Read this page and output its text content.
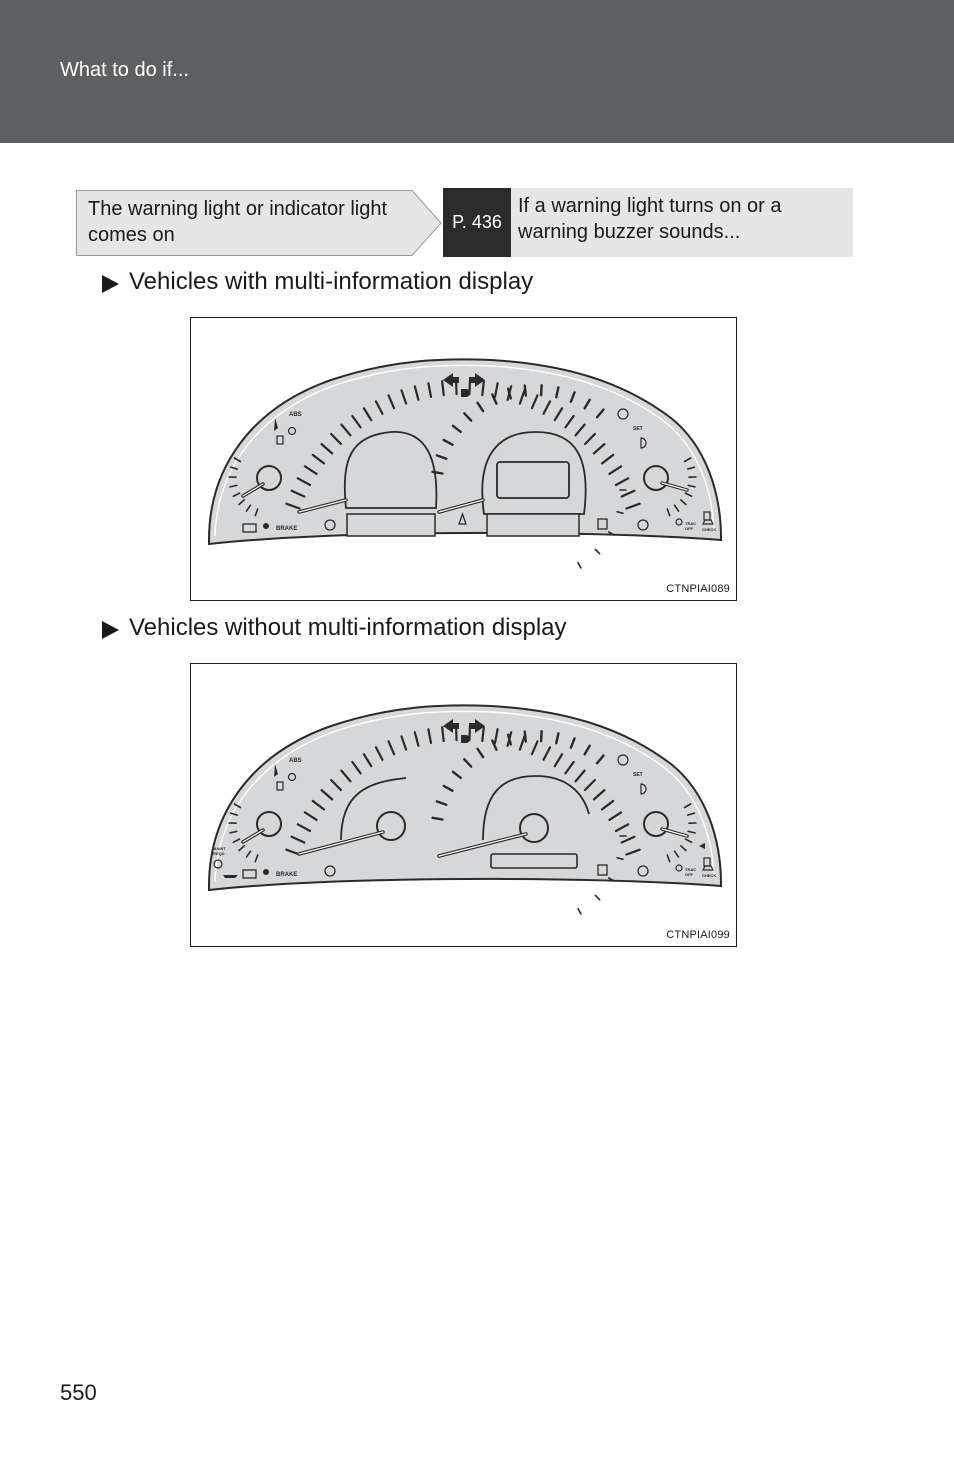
What to do if...
The warning light or indicator light comes on
P. 436
If a warning light turns on or a warning buzzer sounds...
Vehicles with multi-information display
ABS
SET
BRAKE
TRAC
OFF CHECK
CTNPIAI089
Vehicles without multi-information display
ABS
SET
MAINT
REQD
BRAKE
TRAC
OFF CHECK
CTNPIAI099
550
